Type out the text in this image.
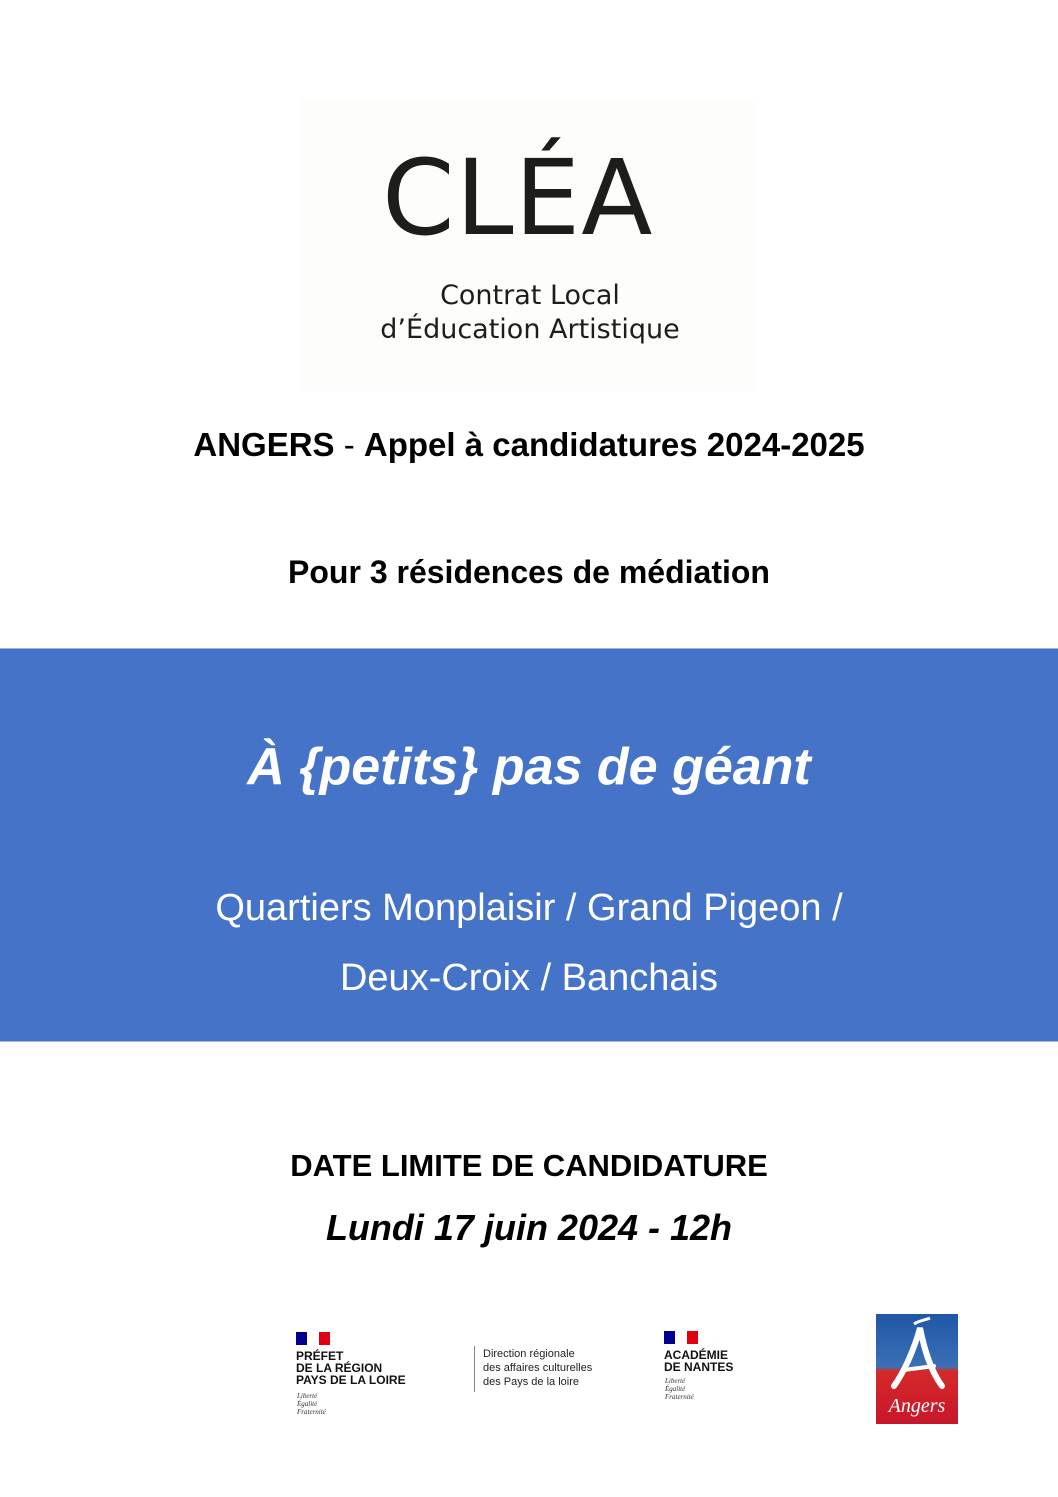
CLÉA
Contrat Local
d’Éducation Artistique
ANGERS - Appel à candidatures 2024-2025
Pour 3 résidences de médiation
À {petits} pas de géant
Quartiers Monplaisir / Grand Pigeon /
Deux-Croix / Banchais
DATE LIMITE DE CANDIDATURE
Lundi 17 juin 2024 - 12h
PRÉFET
DE LA RÉGION
PAYS DE LA LOIRE
Liberté
Égalité
Fraternité
Direction régionale
des affaires culturelles
des Pays de la loire
ACADÉMIE
DE NANTES
Liberté
Égalité
Fraternité	Angers
